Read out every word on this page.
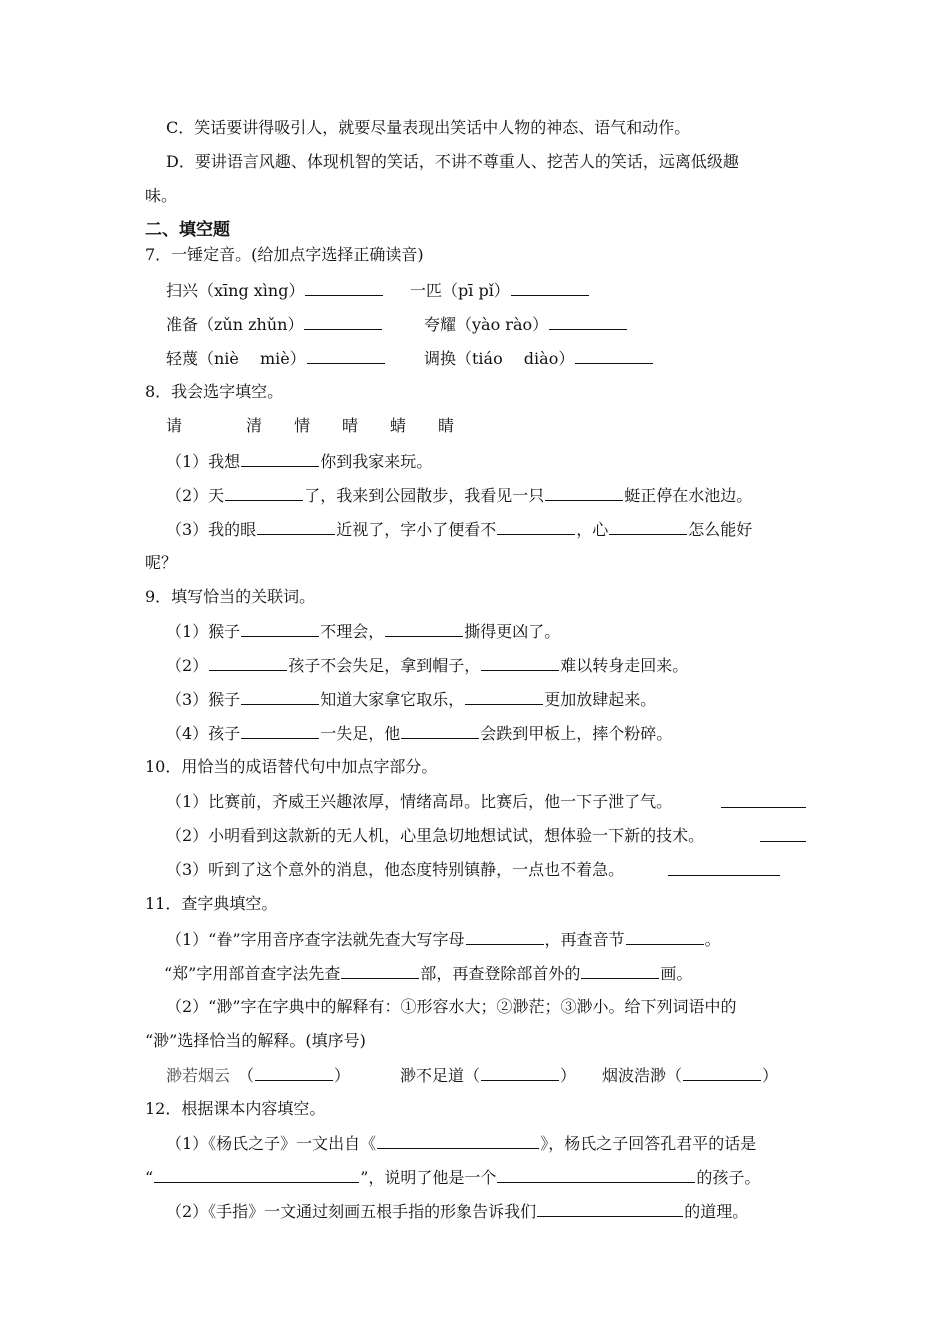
C．笑话要讲得吸引人，就要尽量表现出笑话中人物的神态、语气和动作。
D．要讲语言风趣、体现机智的笑话，不讲不尊重人、挖苦人的笑话，远离低级趣
味。
二、填空题
7．一锤定音。(给加点字选择正确读音)
扫兴（xīng xìng）	一匹（pī pǐ）
准备（zǔn zhǔn）	夸耀（yào rào）
轻蔑（niè　 miè）	调换（tiáo　 diào）
8．我会选字填空。
请	清 情 晴 蜻 睛
（1）我想	你到我家来玩。
（2）天	了，我来到公园散步，我看见一只	蜓正停在水池边。
（3）我的眼	近视了，字小了便看不	，心	怎么能好
呢？
9．填写恰当的关联词。
（1）猴子	不理会，	撕得更凶了。
（2）	孩子不会失足，拿到帽子，	难以转身走回来。
（3）猴子	知道大家拿它取乐，	更加放肆起来。
（4）孩子	一失足，他	会跌到甲板上，摔个粉碎。
10．用恰当的成语替代句中加点字部分。
（1）比赛前，齐威王兴趣浓厚，情绪高昂。比赛后，他一下子泄了气。
（2）小明看到这款新的无人机，心里急切地想试试，想体验一下新的技术。
（3）听到了这个意外的消息，他态度特别镇静，一点也不着急。
11．查字典填空。
（1）“眷”字用音序查字法就先查大写字母	，再查音节	。
“郑”字用部首查字法先查	部，再查登除部首外的	画。
（2）“渺”字在字典中的解释有：①形容水大；②渺茫；③渺小。给下列词语中的
“渺”选择恰当的解释。(填序号)
渺若烟云　（	）	渺不足道（	） 烟波浩渺（	）
12．根据课本内容填空。
（1）《杨氏之子》一文出自《	》，杨氏之子回答孔君平的话是
“	”，说明了他是一个	的孩子。
（2）《手指》一文通过刻画五根手指的形象告诉我们	的道理。
